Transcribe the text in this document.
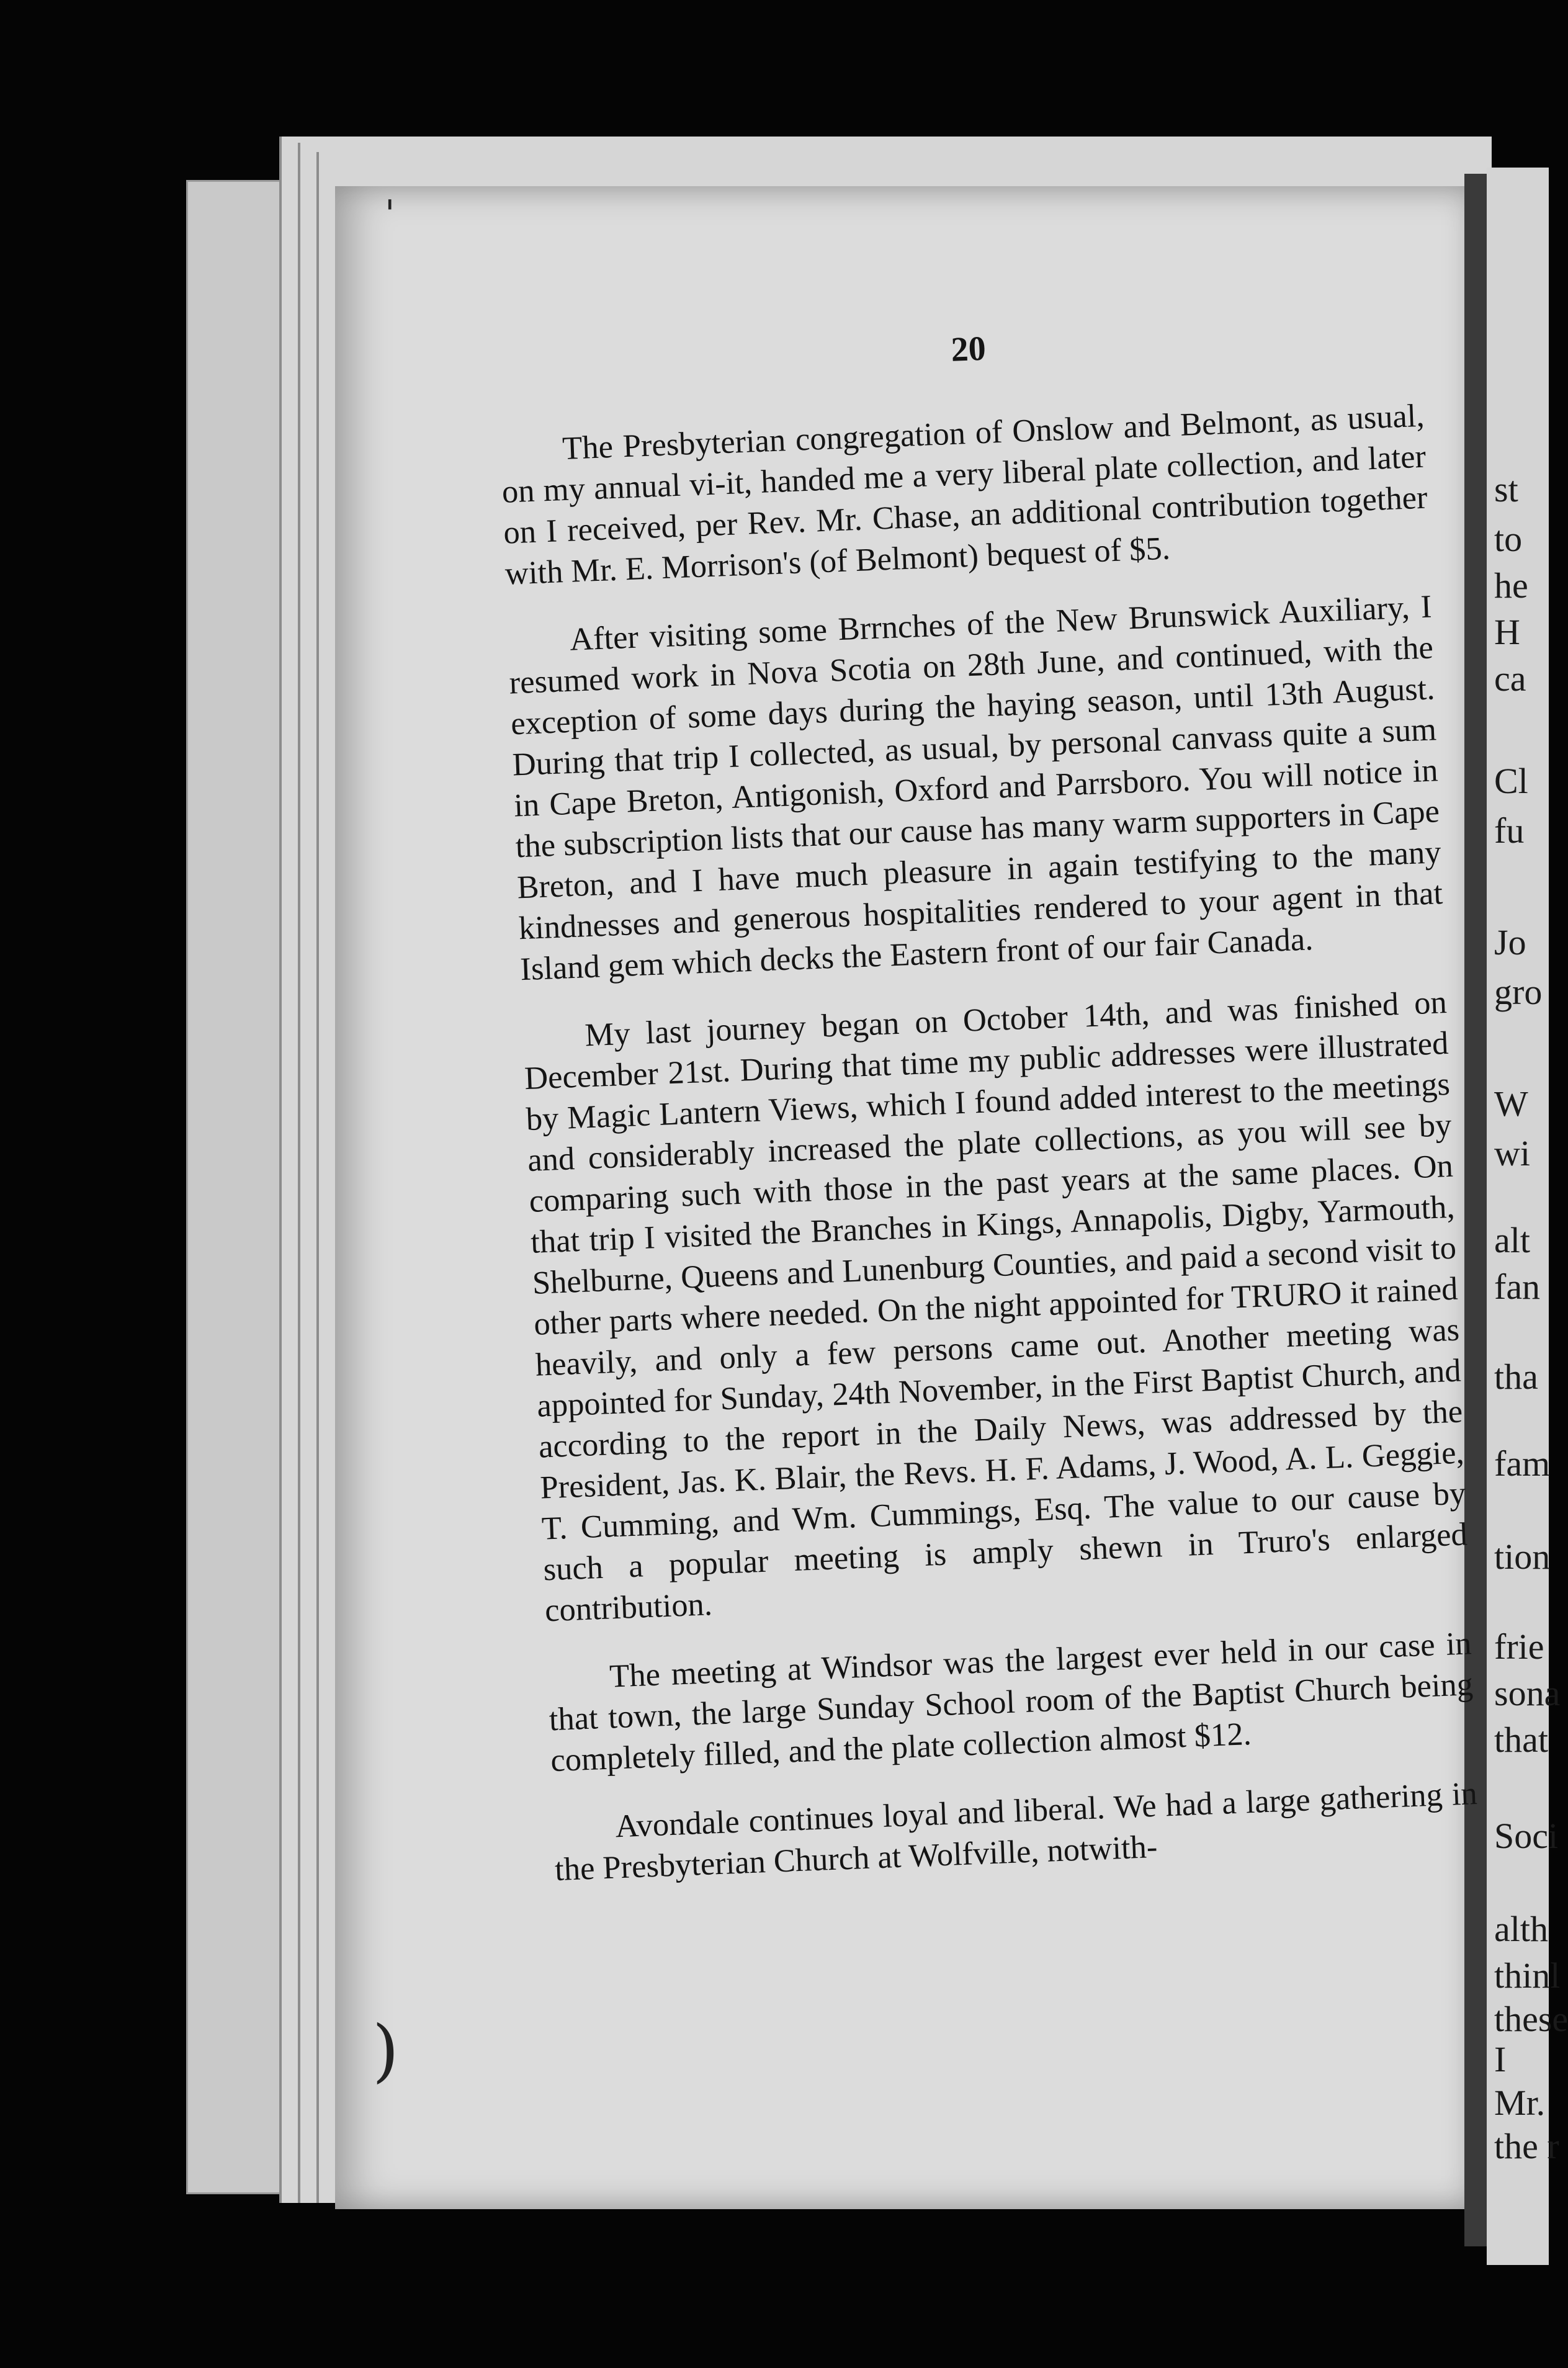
st
to
he
H
ca
Cl
fu
Jo
gro
W
wi
alt
fan
tha
fam
tion
frie
sona
that
Soci
alth
thinl
these
I
Mr.
the r
)
'
20

The Presbyterian congregation of Onslow and Belmont, as usual, on my annual vi-it, handed me a very liberal plate collection, and later on I received, per Rev. Mr. Chase, an additional contribution together with Mr. E. Morrison's (of Belmont) bequest of $5.

After visiting some Brrnches of the New Brunswick Auxiliary, I resumed work in Nova Scotia on 28th June, and continued, with the exception of some days during the haying season, until 13th August. During that trip I collected, as usual, by personal canvass quite a sum in Cape Breton, Antigonish, Oxford and Parrsboro. You will notice in the subscription lists that our cause has many warm supporters in Cape Breton, and I have much pleasure in again testifying to the many kindnesses and generous hospitalities rendered to your agent in that Island gem which decks the Eastern front of our fair Canada.

My last journey began on October 14th, and was finished on December 21st. During that time my public addresses were illustrated by Magic Lantern Views, which I found added interest to the meetings and considerably increased the plate collections, as you will see by comparing such with those in the past years at the same places. On that trip I visited the Branches in Kings, Annapolis, Digby, Yarmouth, Shelburne, Queens and Lunenburg Counties, and paid a second visit to other parts where needed. On the night appointed for TRURO it rained heavily, and only a few persons came out. Another meeting was appointed for Sunday, 24th November, in the First Baptist Church, and according to the report in the Daily News, was addressed by the President, Jas. K. Blair, the Revs. H. F. Adams, J. Wood, A. L. Geggie, T. Cumming, and Wm. Cummings, Esq. The value to our cause by such a popular meeting is amply shewn in Truro's enlarged contribution.

The meeting at Windsor was the largest ever held in our case in that town, the large Sunday School room of the Baptist Church being completely filled, and the plate collection almost $12.

Avondale continues loyal and liberal. We had a large gathering in the Presbyterian Church at Wolfville, notwith-
